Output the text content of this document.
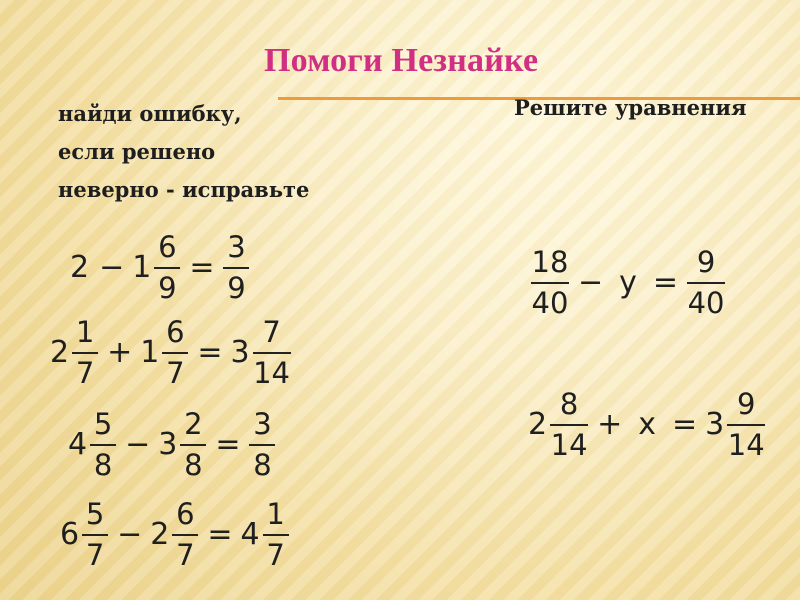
Помоги Незнайке
найди ошибку,
если решено
неверно - исправьте
Решите уравнения
$2 - 1 \frac{6}{9} = \frac{3}{9}$
$2 \frac{1}{7} + 1 \frac{6}{7} = 3 \frac{7}{14}$
$4 \frac{5}{8} - 3 \frac{2}{8} = \frac{3}{8}$
$6 \frac{5}{7} - 2 \frac{6}{7} = 4 \frac{1}{7}$
$\frac{18}{40} - y = \frac{9}{40}$
$2 \frac{8}{14} + x = 3 \frac{9}{14}$
